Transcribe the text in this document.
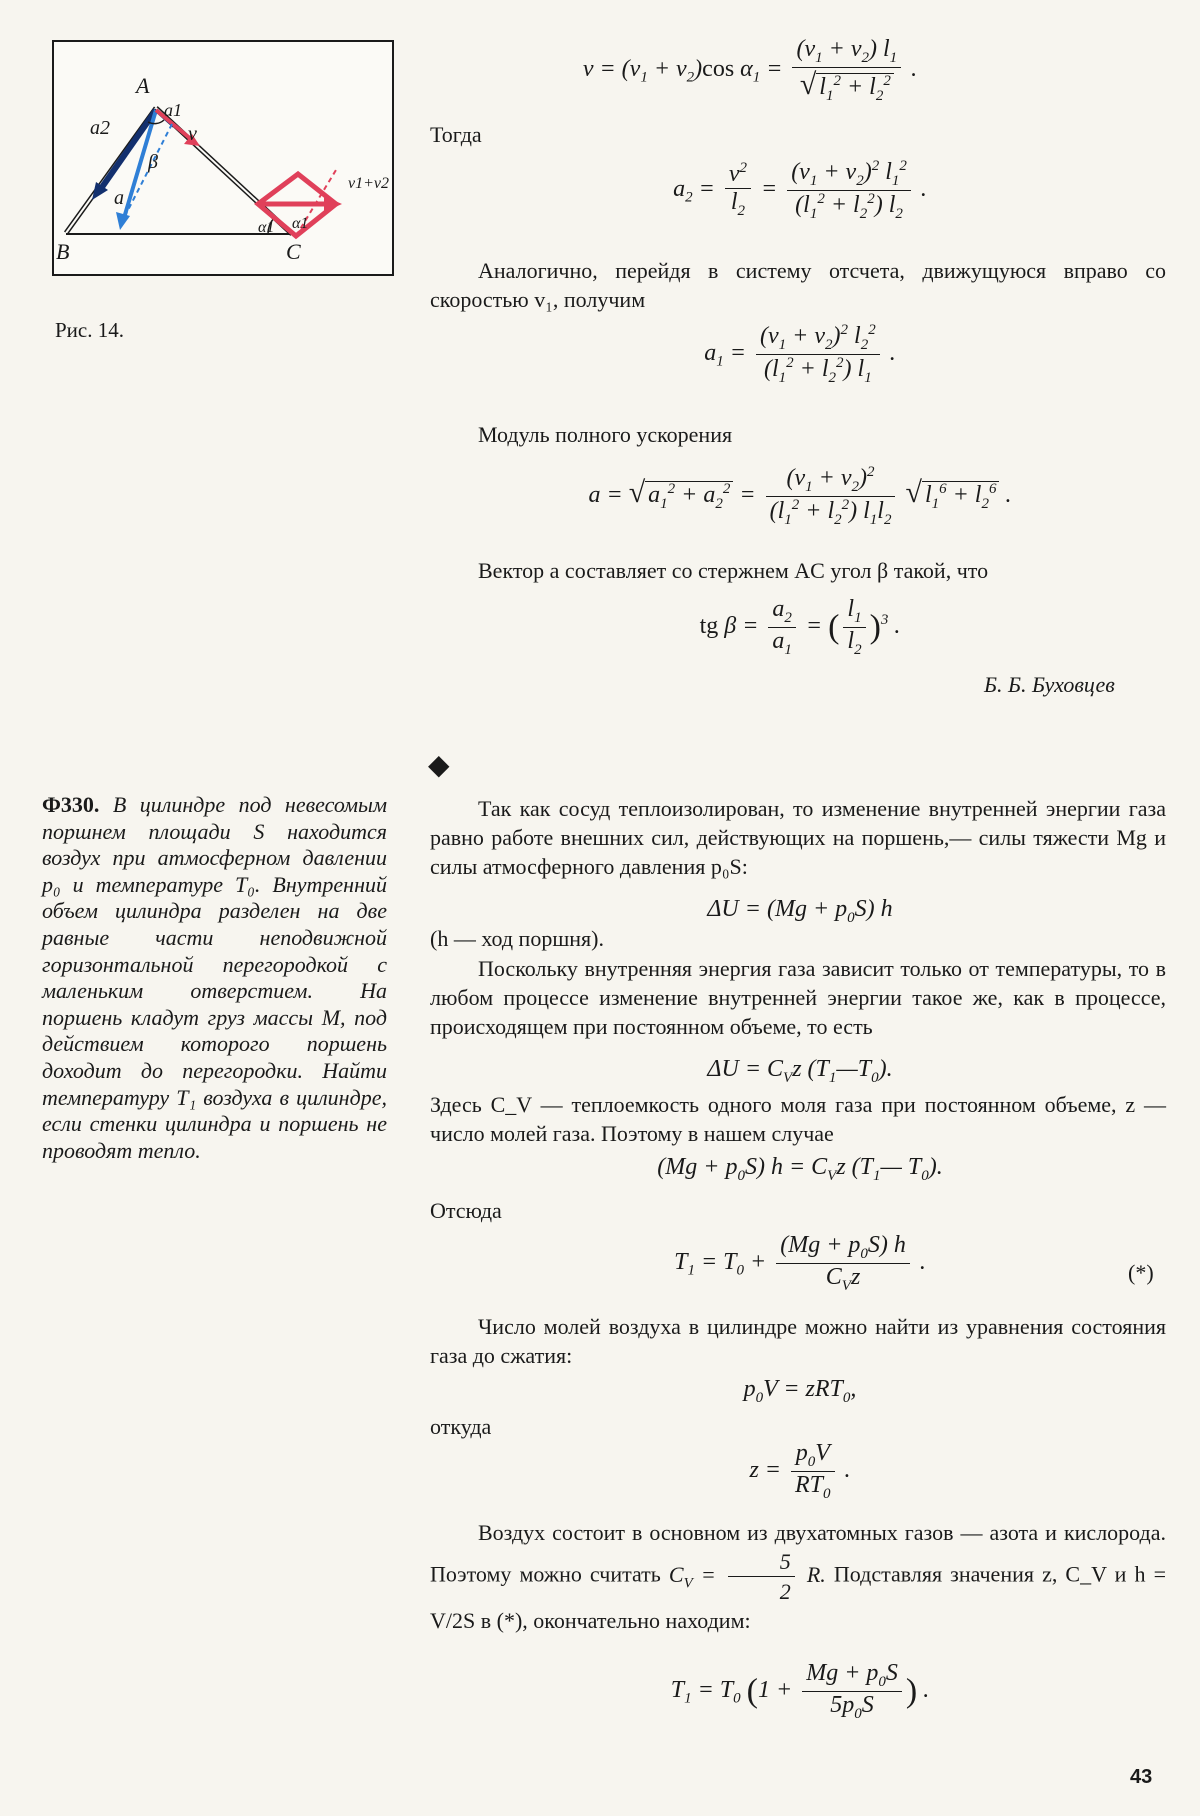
A
B	C
a
a2
a1
v
β
α1 α1
v1+v2
Рис. 14.
$v = (v_1 + v_2)\cos$ $\alpha_1 = \frac{(v_1 + v_2) l_1}{√ l_1^2 + l_2^2}$ .
Тогда
$a_2 = \frac{v^2}{l_2} = \frac{(v_1 + v_2)^2 l_1^2}{(l_1^2 + l_2^2) l_2}$ .
Аналогично, перейдя в систему отсчета, движущуюся вправо со скоростью v₁, получим
$a_1 = \frac{(v_1 + v_2)^2 l_2^2}{(l_1^2 + l_2^2) l_1}$ .
Модуль полного ускорения
a = √ $a_1^2 + a_2^2 = \frac{(v_1 + v_2)^2}{(l_1^2 + l_2^2) l_1l_2}$ √ $l_1^6 + l_2^6$ .
Вектор a составляет со стержнем AC угол β такой, что
tg $\beta = \frac{a_2}{a_1}$ = ( $\frac{l_1}{l_2} )^3$ .
Б. Б. Буховцев
◆
Ф330. В цилиндре под невесомым поршнем площади S находится воздух при атмосферном давлении p₀ и температуре T₀. Внутренний объем цилиндра разделен на две равные части неподвижной горизонтальной перегородкой с маленьким отверстием. На поршень кладут груз массы M, под действием которого поршень доходит до перегородки. Найти температуру T₁ воздуха в цилиндре, если стенки цилиндра и поршень не проводят тепло.
Так как сосуд теплоизолирован, то изменение внутренней энергии газа равно работе внешних сил, действующих на поршень,— силы тяжести Mg и силы атмосферного давления p₀S:
$\Delta U = (Mg + p_0S)$ h
(h — ход поршня).
Поскольку внутренняя энергия газа зависит только от температуры, то в любом процессе изменение внутренней энергии такое же, как в процессе, происходящем при постоянном объеме, то есть
$\Delta U = C_Vz$ $(T_1—T_0)$.
Здесь C_V — теплоемкость одного моля газа при постоянном объеме, z — число молей газа. Поэтому в нашем случае
$(Mg + p_0S)$ $h = C_Vz$ ($T_1—$ $T_0$).
Отсюда
$T_1 = T_0 + \frac{(Mg + p_0S) h}{C_Vz}$ .	(*)
Число молей воздуха в цилиндре можно найти из уравнения состояния газа до сжатия:
$p_0V = zRT_0$,
откуда
$z = \frac{p_0V}{RT_0}$ .
Воздух состоит в основном из двухатомных газов — азота и кислорода. Поэтому можно считать $C_V = \frac{5}{2} R$. Подставляя значения z, C_V и h = V/2S в (*), окончательно находим:
$T_1 = T_0$ ($1 + \frac{Mg + p_0S}{5p_0S}$ ) .
43
